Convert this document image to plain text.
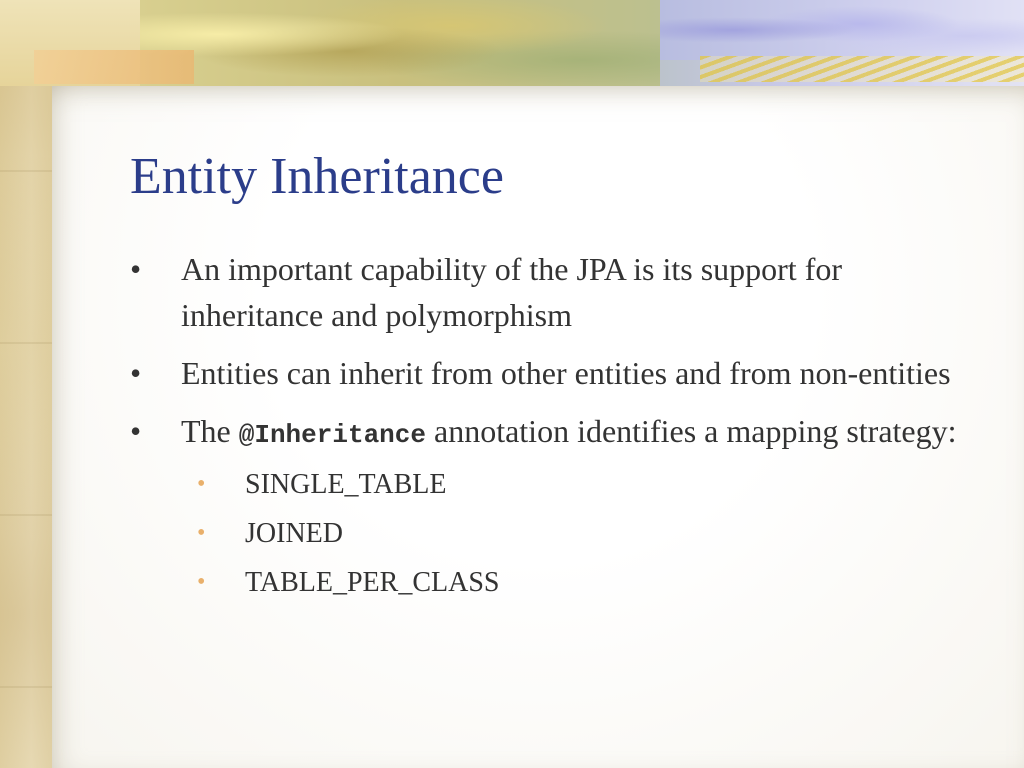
Entity Inheritance
• An important capability of the JPA is its support for inheritance and polymorphism
• Entities can inherit from other entities and from non-entities
• The @Inheritance annotation identifies a mapping strategy:
• SINGLE_TABLE
• JOINED
• TABLE_PER_CLASS
